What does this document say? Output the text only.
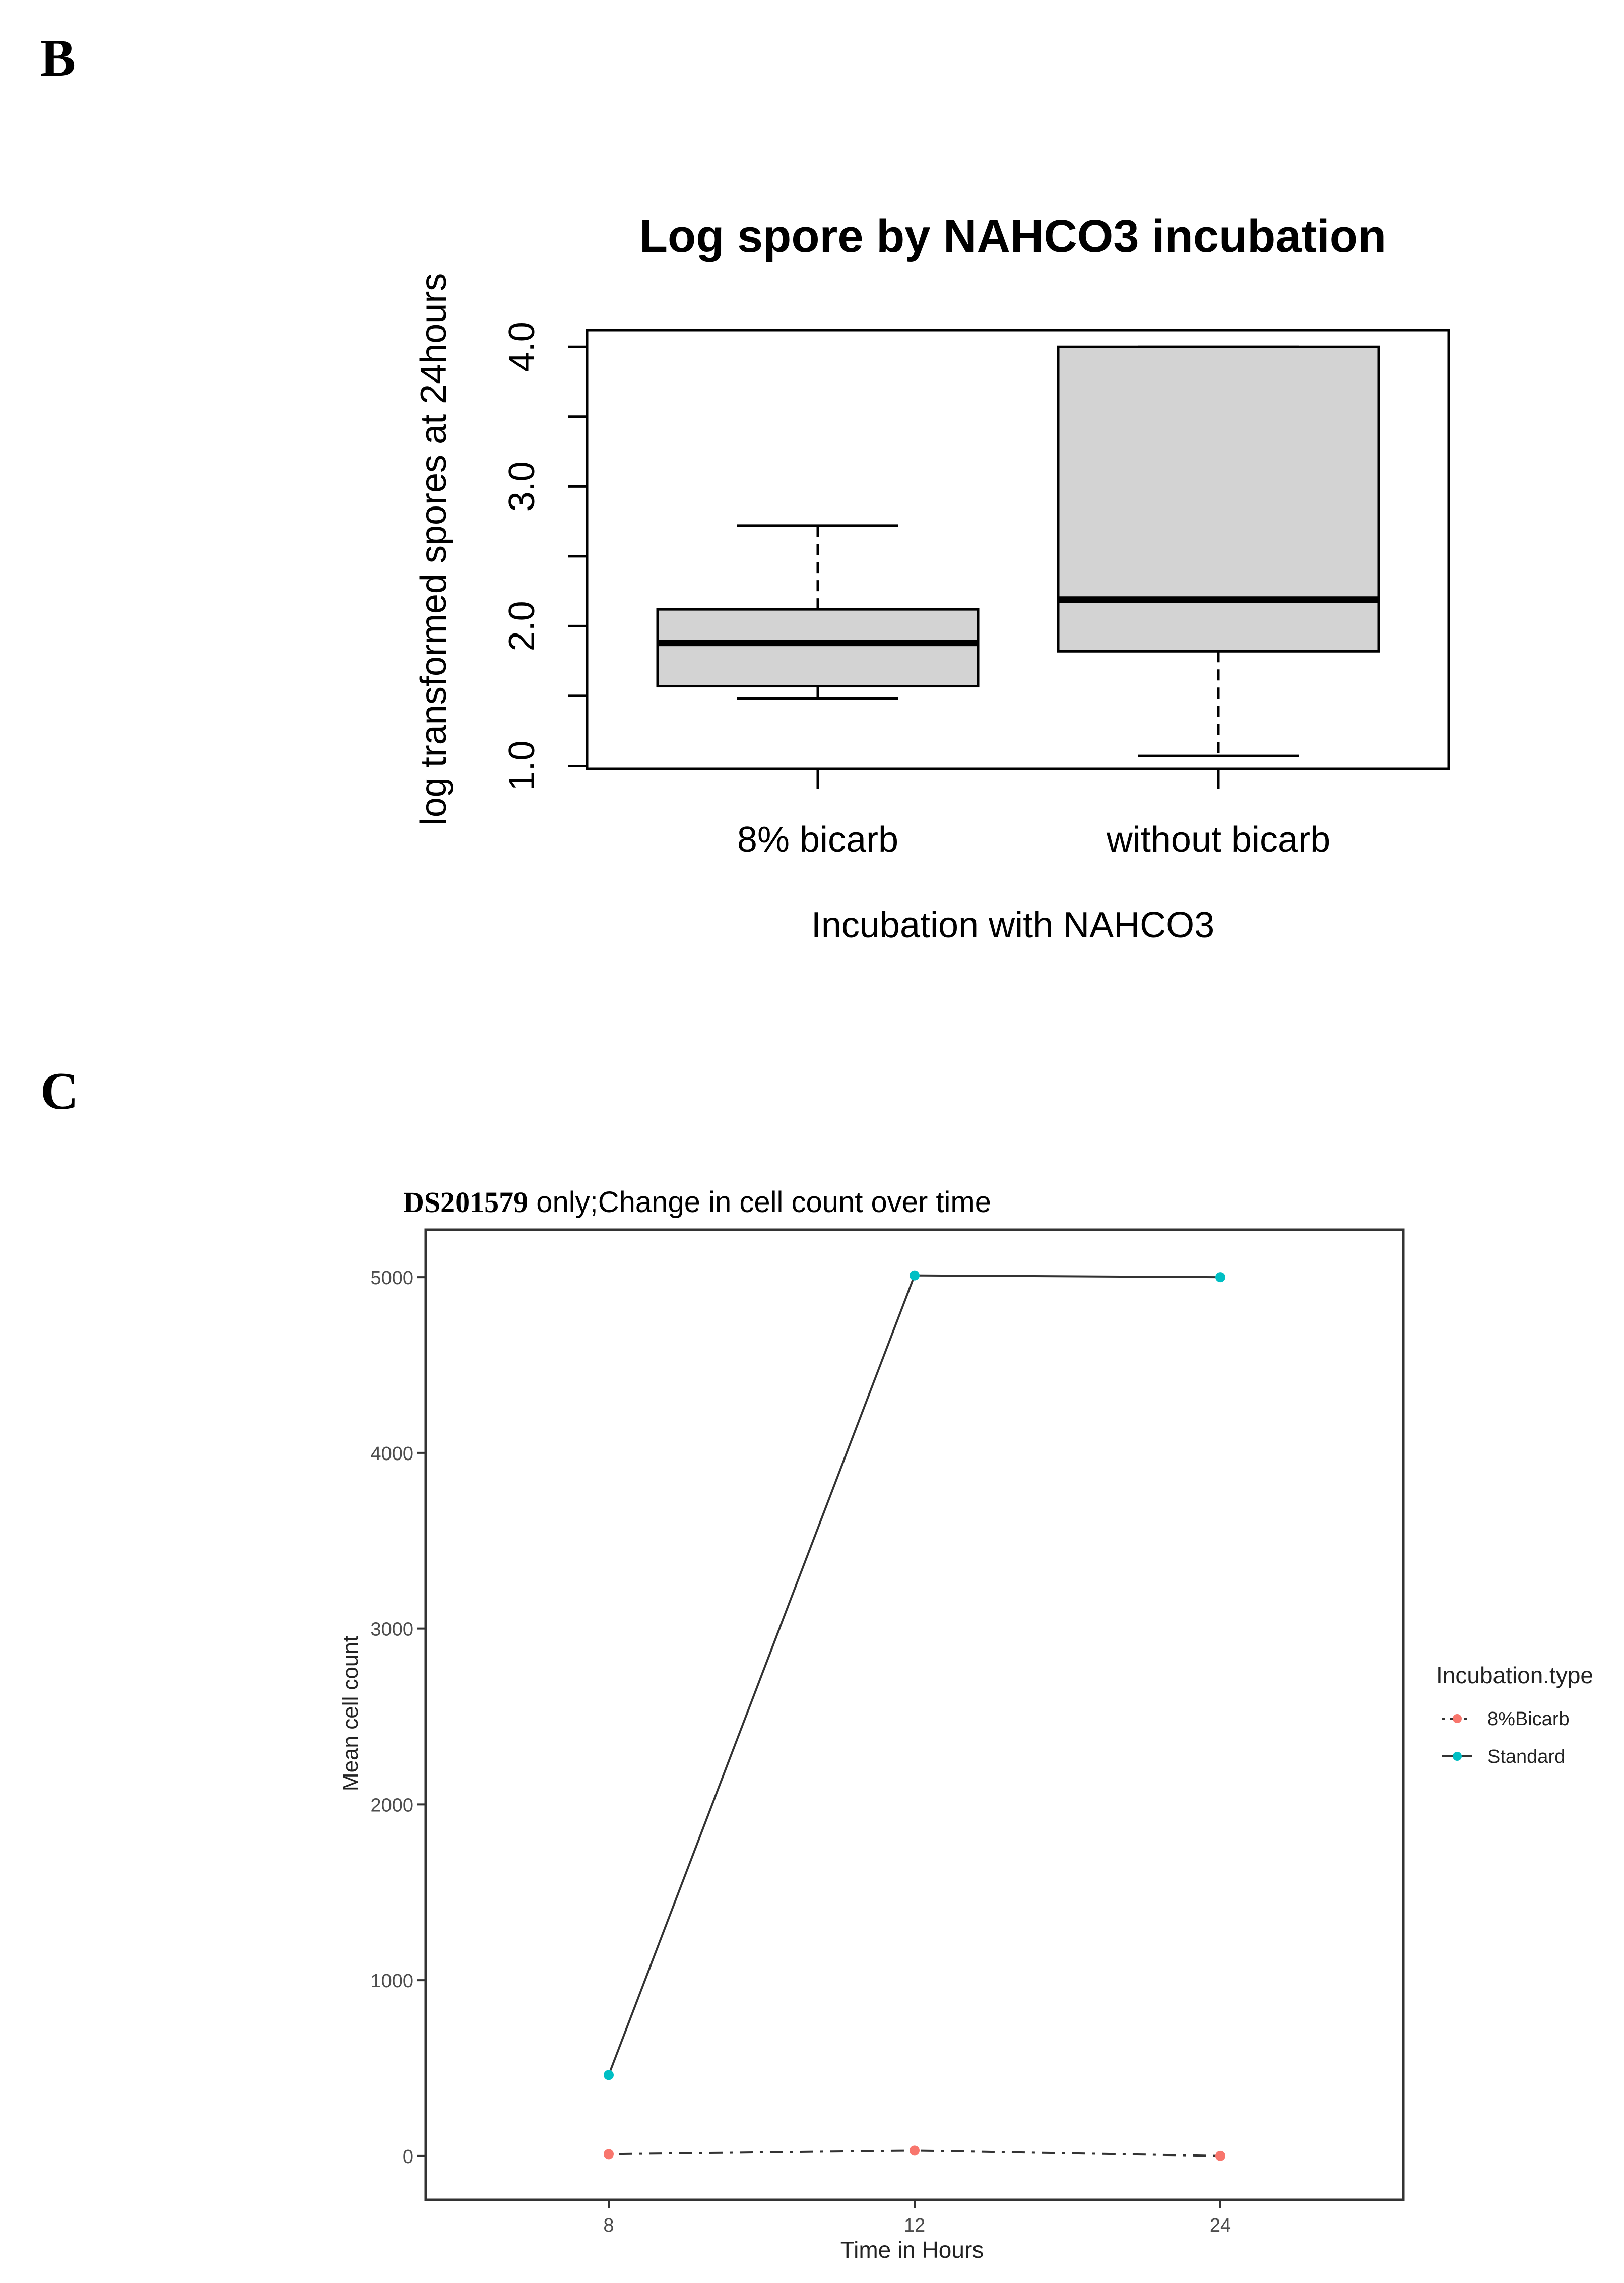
B
C
Log spore by NAHCO3 incubation
1.0
2.0
3.0
4.0
8% bicarb	without bicarb
Incubation with NAHCO3
log transformed spores at 24hours
DS201579 only;Change in cell count over time
0
1000
2000
3000
4000
5000
8	12	24
Time in Hours
Mean cell count	Incubation.type
8%Bicarb
Standard
